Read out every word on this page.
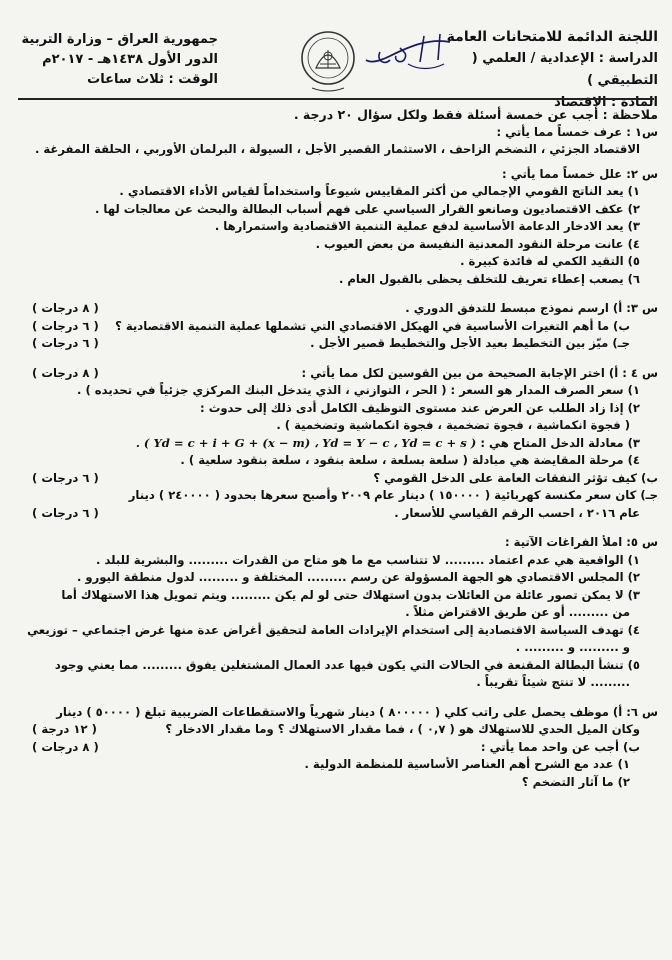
اللجنة الدائمة للامتحانات العامة
الدراسة : الإعدادية / العلمي ( التطبيقي )
المادة : الاقتصاد
جمهورية العراق – وزارة التربية
الدور الأول ١٤٣٨هـ - ٢٠١٧م
الوقت : ثلاث ساعات
ملاحظة : أجب عن خمسة أسئلة فقط ولكل سؤال ٢٠ درجة .
س١ : عرف خمساً مما يأتي :
الاقتصاد الجزئي ، التضخم الزاحف ، الاستثمار القصير الأجل ، السيولة ، البرلمان الأوربي ، الحلقة المفرغة .
س ٢: علل خمساً مما يأتي :
١) يعد الناتج القومي الإجمالي من أكثر المقاييس شيوعاً واستخداماً لقياس الأداء الاقتصادي .
٢) عكف الاقتصاديون وصانعو القرار السياسي على فهم أسباب البطالة والبحث عن معالجات لها .
٣) يعد الادخار الدعامة الأساسية لدفع عملية التنمية الاقتصادية واستمرارها .
٤) عانت مرحلة النقود المعدنية النفيسة من بعض العيوب .
٥) التقيد الكمي له فائدة كبيرة .
٦) يصعب إعطاء تعريف للتخلف يحظى بالقبول العام .
س ٣: أ) ارسم نموذج مبسط للتدفق الدوري .
( ٨ درجات )
ب) ما أهم التغيرات الأساسية في الهيكل الاقتصادي التي تشملها عملية التنمية الاقتصادية ؟
( ٦ درجات )
جـ) ميّز بين التخطيط بعيد الأجل والتخطيط قصير الأجل .
( ٦ درجات )
س ٤ : أ) اختر الإجابة الصحيحة من بين القوسين لكل مما يأتي :
( ٨ درجات )
١) سعر الصرف المدار هو السعر : ( الحر ، التوازني ، الذي يتدخل البنك المركزي جزئياً في تحديده ) .
٢) إذا زاد الطلب عن العرض عند مستوى التوظيف الكامل أدى ذلك إلى حدوث :
( فجوة انكماشية ، فجوة تضخمية ، فجوة انكماشية وتضخمية ) .
٣) معادلة الدخل المتاح هي : ( Yd = c + i + G + (x − m) ، Yd = Y − c ، Yd = c + s ) .
٤) مرحلة المقايضة هي مبادلة ( سلعة بسلعة ، سلعة بنقود ، سلعة بنقود سلعية ) .
ب) كيف تؤثر النفقات العامة على الدخل القومي ؟
( ٦ درجات )
جـ) كان سعر مكنسة كهربائية ( ١٥٠٠٠٠ ) دينار عام ٢٠٠٩ وأصبح سعرها بحدود ( ٢٤٠٠٠٠ ) دينار
عام ٢٠١٦ ، احسب الرقم القياسي للأسعار .
( ٦ درجات )
س ٥: املأ الفراغات الآتية :
١) الواقعية هي عدم اعتماد ......... لا تتناسب مع ما هو متاح من القدرات ......... والبشرية للبلد .
٢) المجلس الاقتصادي هو الجهة المسؤولة عن رسم ......... المختلفة و ......... لدول منطقة اليورو .
٣) لا يمكن تصور عائلة من العائلات بدون استهلاك حتى لو لم يكن ......... ويتم تمويل هذا الاستهلاك أما
من ......... أو عن طريق الاقتراض مثلاً .
٤) تهدف السياسة الاقتصادية إلى استخدام الإيرادات العامة لتحقيق أغراض عدة منها غرض اجتماعي – توزيعي
و ......... و ......... .
٥) تنشأ البطالة المقنعة في الحالات التي يكون فيها عدد العمال المشتغلين يفوق ......... مما يعني وجود
......... لا تنتج شيئاً تقريباً .
س ٦: أ) موظف يحصل على راتب كلي ( ٨٠٠٠٠٠ ) دينار شهرياً والاستقطاعات الضريبية تبلغ ( ٥٠٠٠٠ ) دينار
وكان الميل الحدي للاستهلاك هو ( ٠,٧ ) ، فما مقدار الاستهلاك ؟ وما مقدار الادخار ؟
( ١٢ درجة )
ب) أجب عن واحد مما يأتي :
( ٨ درجات )
١) عدد مع الشرح أهم العناصر الأساسية للمنظمة الدولية .
٢) ما آثار التضخم ؟
